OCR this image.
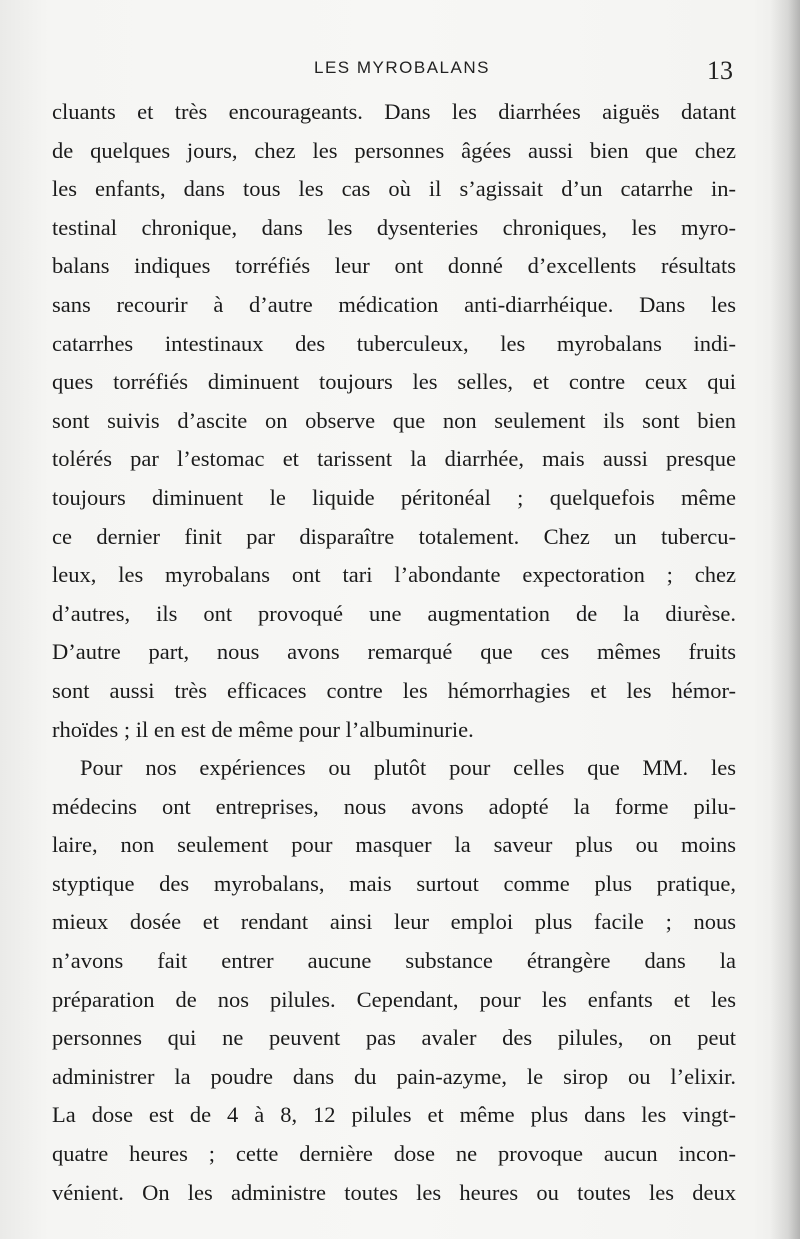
LES MYROBALANS	13
cluants et très encourageants. Dans les diarrhées aiguës datant
de quelques jours, chez les personnes âgées aussi bien que chez
les enfants, dans tous les cas où il s’agissait d’un catarrhe in-
testinal chronique, dans les dysenteries chroniques, les myro-
balans indiques torréfiés leur ont donné d’excellents résultats
sans recourir à d’autre médication anti-diarrhéique. Dans les
catarrhes intestinaux des tuberculeux, les myrobalans indi-
ques torréfiés diminuent toujours les selles, et contre ceux qui
sont suivis d’ascite on observe que non seulement ils sont bien
tolérés par l’estomac et tarissent la diarrhée, mais aussi presque
toujours diminuent le liquide péritonéal ; quelquefois même
ce dernier finit par disparaître totalement. Chez un tubercu-
leux, les myrobalans ont tari l’abondante expectoration ; chez
d’autres, ils ont provoqué une augmentation de la diurèse.
D’autre part, nous avons remarqué que ces mêmes fruits
sont aussi très efficaces contre les hémorrhagies et les hémor-
rhoïdes ; il en est de même pour l’albuminurie.
Pour nos expériences ou plutôt pour celles que MM. les
médecins ont entreprises, nous avons adopté la forme pilu-
laire, non seulement pour masquer la saveur plus ou moins
styptique des myrobalans, mais surtout comme plus pratique,
mieux dosée et rendant ainsi leur emploi plus facile ; nous
n’avons fait entrer aucune substance étrangère dans la
préparation de nos pilules. Cependant, pour les enfants et les
personnes qui ne peuvent pas avaler des pilules, on peut
administrer la poudre dans du pain-azyme, le sirop ou l’elixir.
La dose est de 4 à 8, 12 pilules et même plus dans les vingt-
quatre heures ; cette dernière dose ne provoque aucun incon-
vénient. On les administre toutes les heures ou toutes les deux
